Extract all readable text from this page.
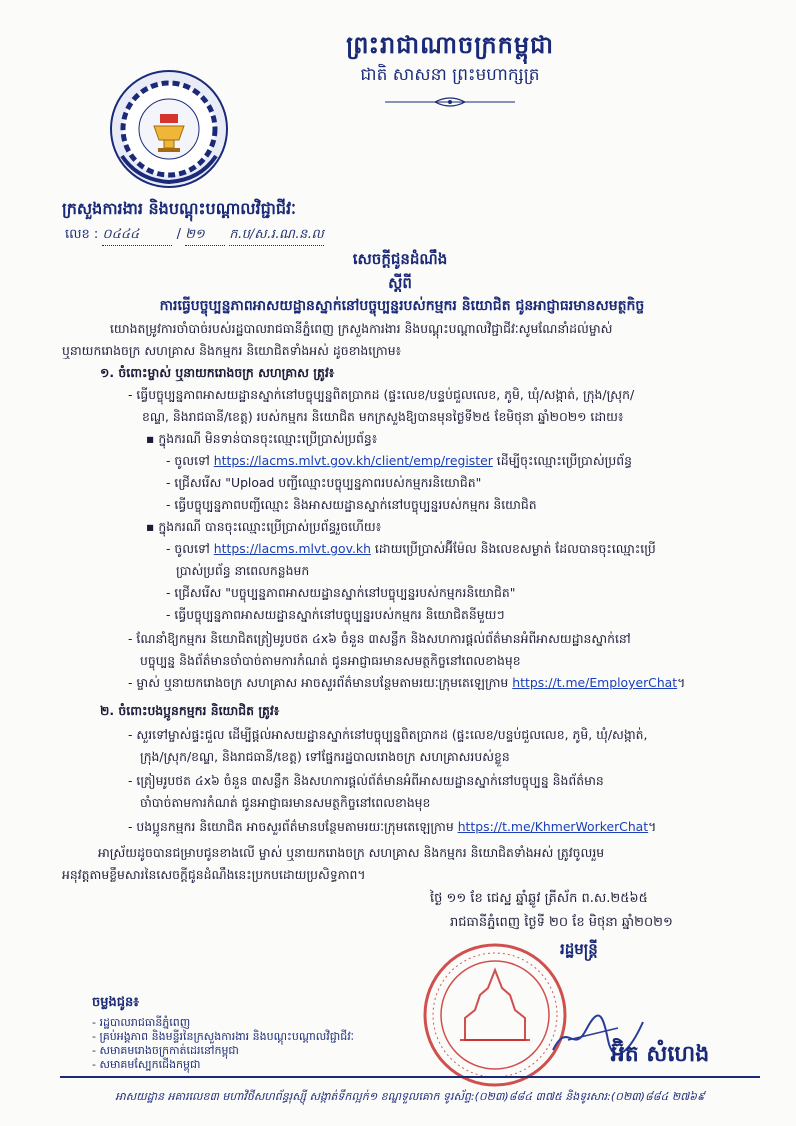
ព្រះរាជាណាចក្រកម្ពុជា
ជាតិ សាសនា ព្រះមហាក្សត្រ
ក្រសួងការងារ និងបណ្តុះបណ្តាលវិជ្ជាជីវៈ
លេខ : ០៤៤៤	/ ២១ ក.ប/ស.រ.ណ.ន.ល
សេចក្តីជូនដំណឹង
ស្តីពី
ការធ្វើបច្ចុប្បន្នភាពអាសយដ្ឋានស្នាក់នៅបច្ចុប្បន្នរបស់កម្មករ និយោជិត ជូនអាជ្ញាធរមានសមត្ថកិច្ច
យោងតម្រូវការចាំបាច់របស់រដ្ឋបាលរាជធានីភ្នំពេញ ក្រសួងការងារ និងបណ្តុះបណ្តាលវិជ្ជាជីវៈសូមណែនាំដល់ម្ចាស់
ឬនាយករោងចក្រ សហគ្រាស និងកម្មករ និយោជិតទាំងអស់ ដូចខាងក្រោម៖
១. ចំពោះម្ចាស់ ឬនាយករោងចក្រ សហគ្រាស ត្រូវ៖
- ធ្វើបច្ចុប្បន្នភាពអាសយដ្ឋានស្នាក់នៅបច្ចុប្បន្នពិតប្រាកដ (ផ្ទះលេខ/បន្ទប់ជួលលេខ, ភូមិ, ឃុំ/សង្កាត់, ក្រុង/ស្រុក/
ខណ្ឌ, និងរាជធានី/ខេត្ត) របស់កម្មករ និយោជិត មកក្រសួងឱ្យបានមុនថ្ងៃទី២៥ ខែមិថុនា ឆ្នាំ២០២១ ដោយ៖
▪ ក្នុងករណី មិនទាន់បានចុះឈ្មោះប្រើប្រាស់ប្រព័ន្ធ៖
- ចូលទៅ https://lacms.mlvt.gov.kh/client/emp/register ដើម្បីចុះឈ្មោះប្រើប្រាស់ប្រព័ន្ធ
- ជ្រើសរើស "Upload បញ្ជីឈ្មោះបច្ចុប្បន្នភាពរបស់កម្មករនិយោជិត"
- ធ្វើបច្ចុប្បន្នភាពបញ្ជីឈ្មោះ និងអាសយដ្ឋានស្នាក់នៅបច្ចុប្បន្នរបស់កម្មករ និយោជិត
▪ ក្នុងករណី បានចុះឈ្មោះប្រើប្រាស់ប្រព័ន្ធរួចហើយ៖
- ចូលទៅ https://lacms.mlvt.gov.kh ដោយប្រើប្រាស់អ៊ីម៉ែល និងលេខសម្ងាត់ ដែលបានចុះឈ្មោះប្រើ
ប្រាស់ប្រព័ន្ធ នាពេលកន្លងមក
- ជ្រើសរើស "បច្ចុប្បន្នភាពអាសយដ្ឋានស្នាក់នៅបច្ចុប្បន្នរបស់កម្មករនិយោជិត"
- ធ្វើបច្ចុប្បន្នភាពអាសយដ្ឋានស្នាក់នៅបច្ចុប្បន្នរបស់កម្មករ និយោជិតនីមួយៗ
- ណែនាំឱ្យកម្មករ និយោជិតត្រៀមរូបថត ៤x៦ ចំនួន ៣សន្លឹក និងសហការផ្តល់ព័ត៌មានអំពីអាសយដ្ឋានស្នាក់នៅ
បច្ចុប្បន្ន និងព័ត៌មានចាំបាច់តាមការកំណត់ ជូនអាជ្ញាធរមានសមត្ថកិច្ចនៅពេលខាងមុខ
- ម្ចាស់ ឬនាយករោងចក្រ សហគ្រាស អាចសួរព័ត៌មានបន្ថែមតាមរយៈក្រុមតេឡេក្រាម https://t.me/EmployerChat។
២. ចំពោះបងប្អូនកម្មករ និយោជិត ត្រូវ៖
- សួរទៅម្ចាស់ផ្ទះជួល ដើម្បីផ្តល់អាសយដ្ឋានស្នាក់នៅបច្ចុប្បន្នពិតប្រាកដ (ផ្ទះលេខ/បន្ទប់ជួលលេខ, ភូមិ, ឃុំ/សង្កាត់,
ក្រុង/ស្រុក/ខណ្ឌ, និងរាជធានី/ខេត្ត) ទៅផ្នែករដ្ឋបាលរោងចក្រ សហគ្រាសរបស់ខ្លួន
- ត្រៀមរូបថត ៤x៦ ចំនួន ៣សន្លឹក និងសហការផ្តល់ព័ត៌មានអំពីអាសយដ្ឋានស្នាក់នៅបច្ចុប្បន្ន និងព័ត៌មាន
ចាំបាច់តាមការកំណត់ ជូនអាជ្ញាធរមានសមត្ថកិច្ចនៅពេលខាងមុខ
- បងប្អូនកម្មករ និយោជិត អាចសួរព័ត៌មានបន្ថែមតាមរយៈក្រុមតេឡេក្រាម https://t.me/KhmerWorkerChat។
អាស្រ័យដូចបានជម្រាបជូនខាងលើ ម្ចាស់ ឬនាយករោងចក្រ សហគ្រាស និងកម្មករ និយោជិតទាំងអស់ ត្រូវចូលរួម
អនុវត្តតាមខ្លឹមសារនៃសេចក្តីជូនដំណឹងនេះប្រកបដោយប្រសិទ្ធភាព។
ថ្ងៃ ១១ ខែ ជេស្ឋ ឆ្នាំឆ្លូវ ត្រីស័ក ព.ស.២៥៦៥
រាជធានីភ្នំពេញ ថ្ងៃទី ២០ ខែ មិថុនា ឆ្នាំ២០២១
រដ្ឋមន្ត្រី
អ៊ិត សំហេង
ចម្លងជូន៖
- រដ្ឋបាលរាជធានីភ្នំពេញ
- គ្រប់អង្គភាព និងមន្ទីរនៃក្រសួងការងារ និងបណ្តុះបណ្តាលវិជ្ជាជីវៈ
- សមាគមរោងចក្រកាត់ដេរនៅកម្ពុជា
- សមាគមស្បែកជើងកម្ពុជា
អាសយដ្ឋាន អគារលេខ៣ មហាវិថីសហព័ន្ធរុស្ស៊ី សង្កាត់ទឹកល្អក់១ ខណ្ឌទួលគោក ទូរស័ព្ទ:(០២៣)៨៨៤ ៣៧៥ និងទូរសារ:(០២៣)៨៨៤ ២៧៦៩
